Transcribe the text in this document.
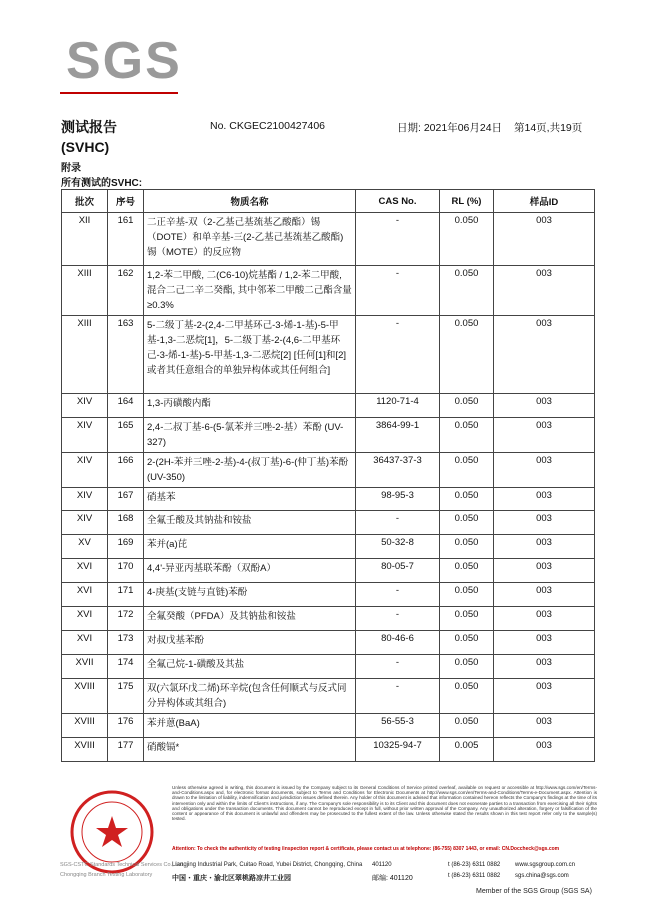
SGS
测试报告	No. CKGEC2100427406	日期: 2021年06月24日 第14页,共19页
(SVHC)
附录
所有测试的SVHC:
批次	序号	物质名称	CAS No.	RL (%)	样品ID
XII	161	二正辛基-双（2-乙基己基巯基乙酸酯）锡（DOTE）和单辛基-三(2-乙基己基巯基乙酸酯) 锡（MOTE）的反应物	-	0.050	003
XIII	162	1,2-苯二甲酸, 二(C6-10)烷基酯 / 1,2-苯二甲酸, 混合二己二辛二癸酯, 其中邻苯二甲酸二己酯含量≥0.3%	-	0.050	003
XIII	163	5-二级丁基-2-(2,4-二甲基环己-3-烯-1-基)-5-甲基-1,3-二恶烷[1]，5-二级丁基-2-(4,6-二甲基环己-3-烯-1-基)-5-甲基-1,3-二恶烷[2] [任何[1]和[2]或者其任意组合的单独异构体或其任何组合]	-	0.050	003
XIV	164	1,3-丙磺酸内酯	1120-71-4	0.050	003
XIV	165	2,4-二叔丁基-6-(5-氯苯并三唑-2-基）苯酚 (UV-327)	3864-99-1	0.050	003
XIV	166	2-(2H-苯并三唑-2-基)-4-(叔丁基)-6-(仲丁基)苯酚 (UV-350)	36437-37-3	0.050	003
XIV	167	硝基苯	98-95-3	0.050	003
XIV	168	全氟壬酸及其钠盐和铵盐	-	0.050	003
XV	169	苯并(a)芘	50-32-8	0.050	003
XVI	170	4,4'-异亚丙基联苯酚（双酚A）	80-05-7	0.050	003
XVI	171	4-庚基(支链与直链)苯酚	-	0.050	003
XVI	172	全氟癸酸（PFDA）及其钠盐和铵盐	-	0.050	003
XVI	173	对叔戊基苯酚	80-46-6	0.050	003
XVII	174	全氟己烷-1-磺酸及其盐	-	0.050	003
XVIII	175	双(六氯环戊二烯)环辛烷(包含任何顺式与反式同分异构体或其组合)	-	0.050	003
XVIII	176	苯并蒽(BaA)	56-55-3	0.050	003
XVIII	177	硝酸镉*	10325-94-7	0.005	003
Unless otherwise agreed in writing, this document is issued by the Company subject to its General Conditions of Service printed overleaf, available on request or accessible at http://www.sgs.com/en/Terms-and-Conditions.aspx and, for electronic format documents, subject to Terms and Conditions for Electronic Documents at http://www.sgs.com/en/Terms-and-Conditions/Terms-e-Document.aspx. Attention is drawn to the limitation of liability, indemnification and jurisdiction issues defined therein. Any holder of this document is advised that information contained hereon reflects the Company's findings at the time of its intervention only and within the limits of Client's instructions, if any. The Company's sole responsibility is to its Client and this document does not exonerate parties to a transaction from exercising all their rights and obligations under the transaction documents. This document cannot be reproduced except in full, without prior written approval of the Company. Any unauthorized alteration, forgery or falsification of the content or appearance of this document is unlawful and offenders may be prosecuted to the fullest extent of the law. Unless otherwise stated the results shown in this test report refer only to the sample(s) tested.
Attention: To check the authenticity of testing /inspection report & certificate, please contact us at telephone: (86-755) 8307 1443, or email: CN.Doccheck@sgs.com
SGS-CSTC Standards Technical Services Co., Ltd.
Chongqing Branch Testing Laboratory
Liangjing Industrial Park, Cuitao Road, Yubei District, Chongqing, China 401120	t (86-23) 6311 0882 www.sgsgroup.com.cn
中国・重庆・渝北区翠桃路凉井工业园	邮编: 401120	t (86-23) 6311 0882 sgs.china@sgs.com
Member of the SGS Group (SGS SA)
